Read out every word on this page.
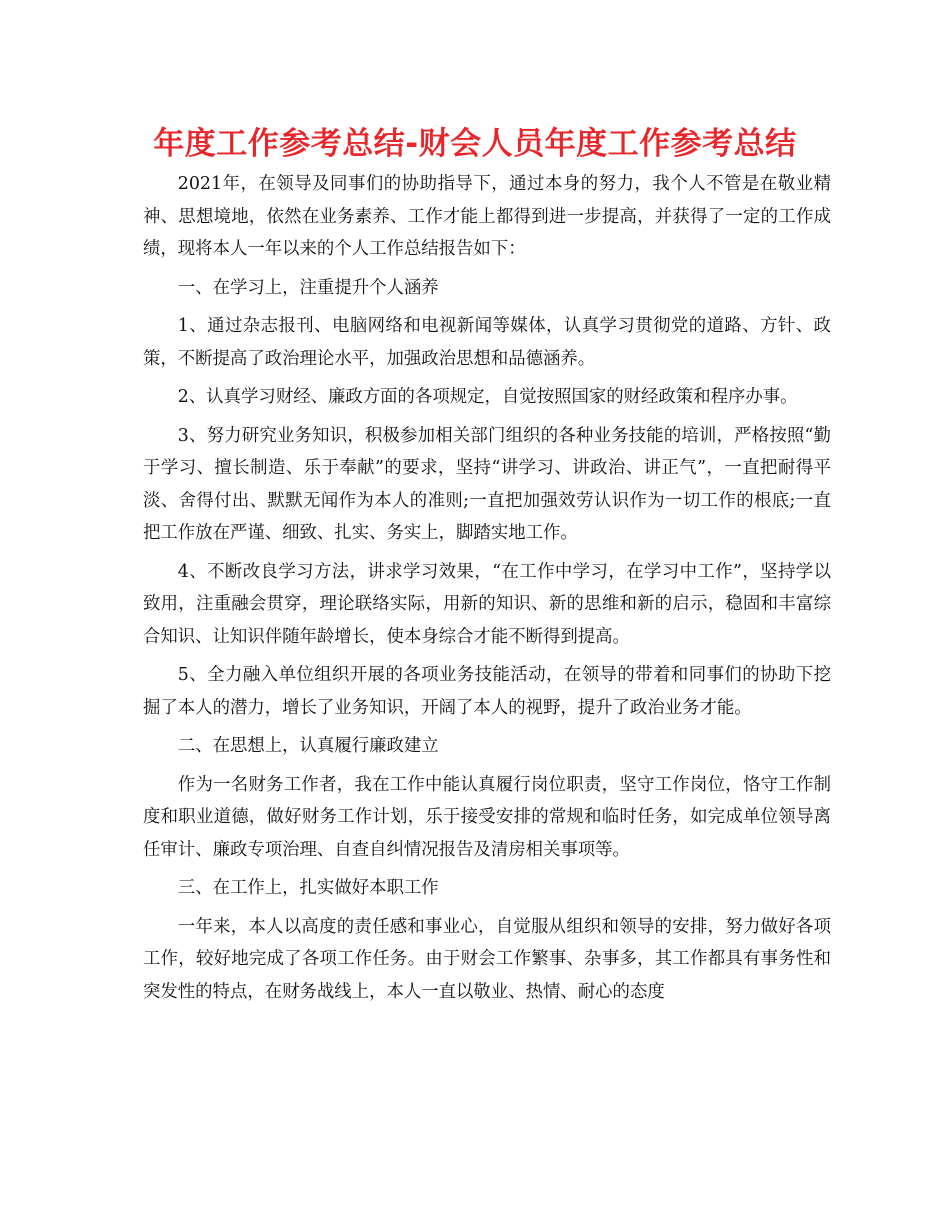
年度工作参考总结-财会人员年度工作参考总结

2021年，在领导及同事们的协助指导下，通过本身的努力，我个人不管是在敬业精神、思想境地，依然在业务素养、工作才能上都得到进一步提高，并获得了一定的工作成绩，现将本人一年以来的个人工作总结报告如下：

一、在学习上，注重提升个人涵养

1、通过杂志报刊、电脑网络和电视新闻等媒体，认真学习贯彻党的道路、方针、政策，不断提高了政治理论水平，加强政治思想和品德涵养。

2、认真学习财经、廉政方面的各项规定，自觉按照国家的财经政策和程序办事。

3、努力研究业务知识，积极参加相关部门组织的各种业务技能的培训，严格按照“勤于学习、擅长制造、乐于奉献”的要求，坚持“讲学习、讲政治、讲正气”，一直把耐得平淡、舍得付出、默默无闻作为本人的准则;一直把加强效劳认识作为一切工作的根底;一直把工作放在严谨、细致、扎实、务实上，脚踏实地工作。

4、不断改良学习方法，讲求学习效果，“在工作中学习，在学习中工作”，坚持学以致用，注重融会贯穿，理论联络实际，用新的知识、新的思维和新的启示，稳固和丰富综合知识、让知识伴随年龄增长，使本身综合才能不断得到提高。

5、全力融入单位组织开展的各项业务技能活动，在领导的带着和同事们的协助下挖掘了本人的潜力，增长了业务知识，开阔了本人的视野，提升了政治业务才能。

二、在思想上，认真履行廉政建立

作为一名财务工作者，我在工作中能认真履行岗位职责，坚守工作岗位，恪守工作制度和职业道德，做好财务工作计划，乐于接受安排的常规和临时任务，如完成单位领导离任审计、廉政专项治理、自查自纠情况报告及清房相关事项等。

三、在工作上，扎实做好本职工作

一年来，本人以高度的责任感和事业心，自觉服从组织和领导的安排，努力做好各项工作，较好地完成了各项工作任务。由于财会工作繁事、杂事多，其工作都具有事务性和突发性的特点，在财务战线上，本人一直以敬业、热情、耐心的态度
